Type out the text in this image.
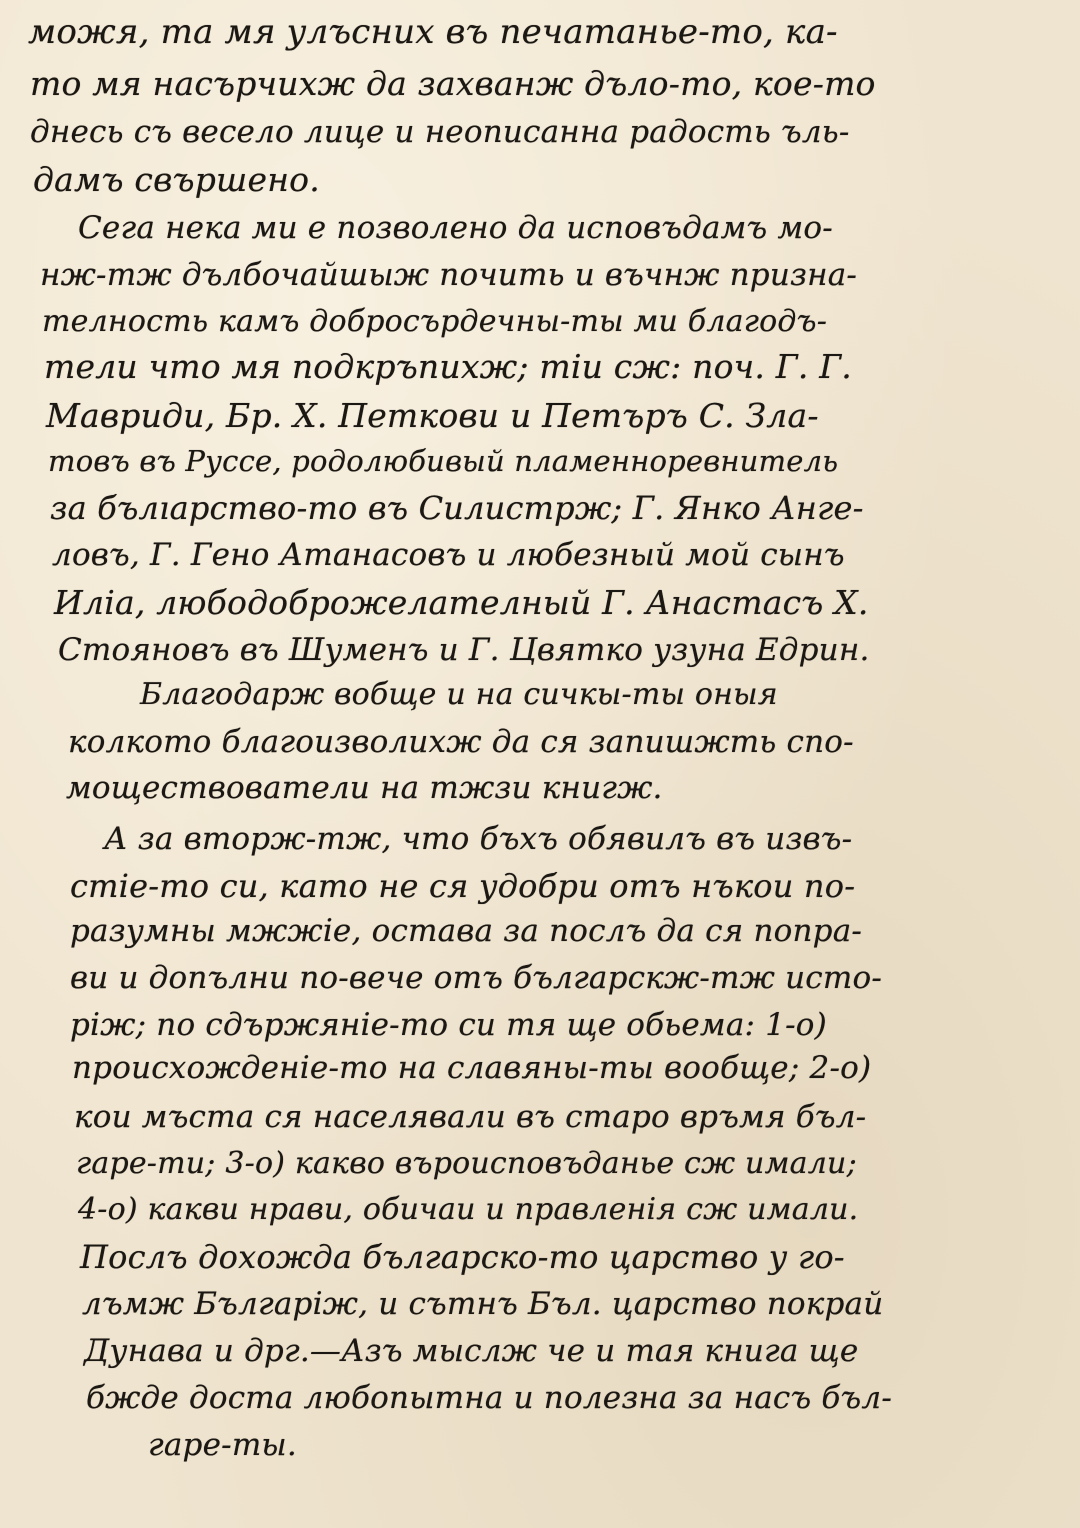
можя, та мя улъсних въ печатанье-то, ка-
то мя насърчихж да захванж дъло-то, кое-то
днесь съ весело лице и неописанна радость ъль-
дамъ свършено.
Сега нека ми е позволено да исповъдамъ мо-
нж-тж дълбочайшыж почить и въчнж призна-
телность камъ добросърдечны-ты ми благодъ-
тели что мя подкръпихж; тіи сж: поч. Г. Г.
Мавриди, Бр. Х. Петкови и Петъръ С. Зла-
товъ въ Руссе, родолюбивый пламенноревнитель
за бълıарство-то въ Силистрж; Г. Янко Анге-
ловъ, Г. Гено Атанасовъ и любезный мой сынъ
Иліа, любодоброжелателный Г. Анастасъ Х.
Стояновъ въ Шуменъ и Г. Цвятко узуна Едрин.
Благодарж вобще и на сичкы-ты оныя
колкото благоизволихж да ся запишжть спо-
моществователи на тжзи книгж.
А за вторж-тж, что бъхъ обявилъ въ извъ-
стіе-то си, като не ся удобри отъ нъкои по-
разумны мжжіе, остава за послъ да ся попра-
ви и допълни по-вече отъ българскж-тж исто-
ріж; по сдържяніе-то си тя ще обьема: 1-о)
происхожденіе-то на славяны-ты вообще; 2-о)
кои мъста ся населявали въ старо връмя бъл-
гаре-ти; 3-о) какво върoисповъданье сж имали;
4-о) какви нрави, обичаи и правленія сж имали.
Послъ дохожда българско-то царство у го-
лъмж Българіж, и сътнъ Бъл. царство покрай
Дунава и дрг.—Азъ мыслж че и тая книга ще
бжде доста любопытна и полезна за насъ бъл-
гаре-ты.
